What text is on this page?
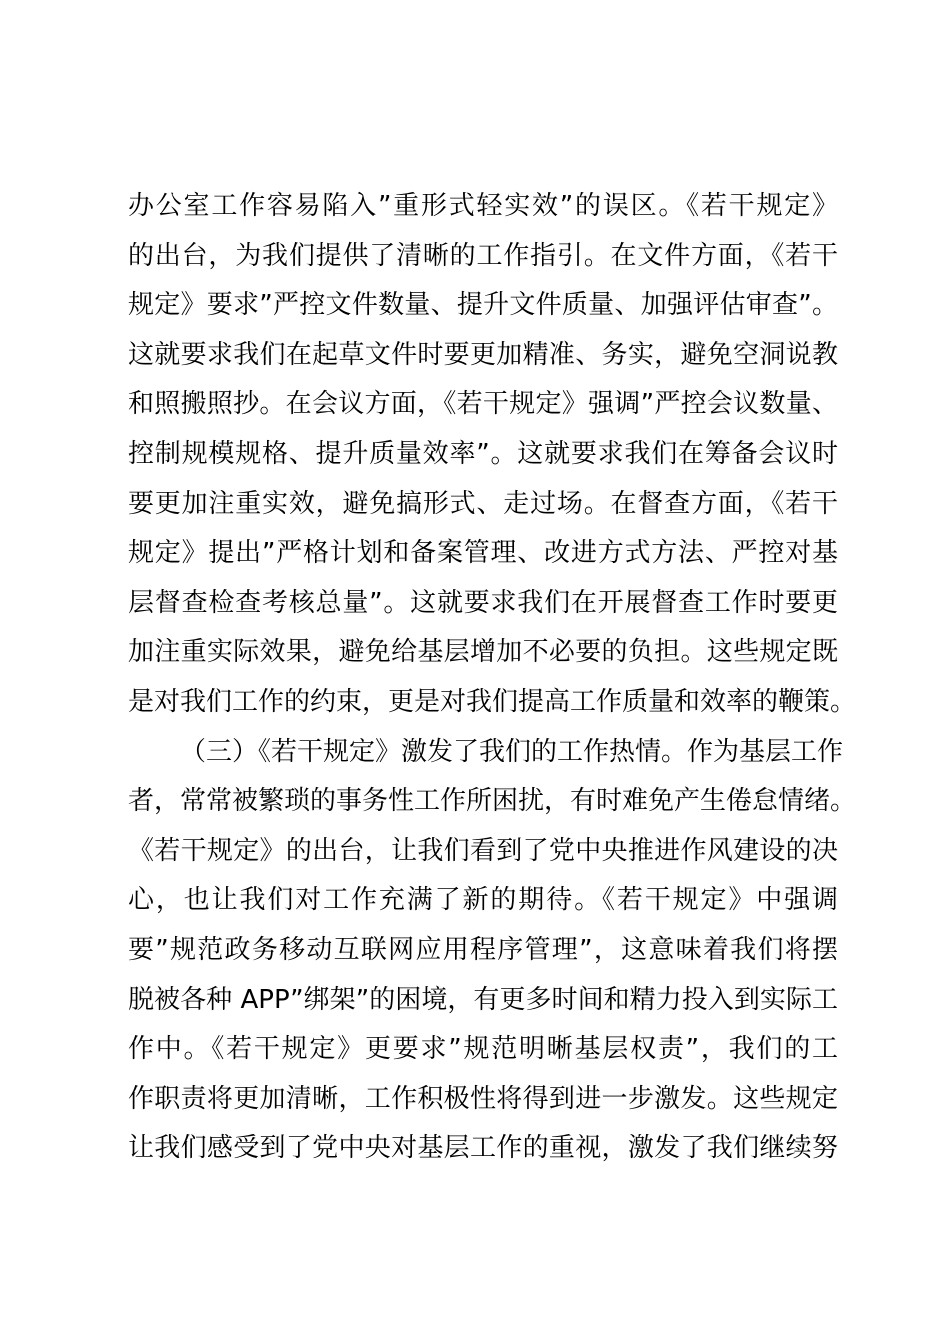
办公室工作容易陷入”重形式轻实效”的误区。《若干规定》
的出台，为我们提供了清晰的工作指引。在文件方面，《若干
规定》要求”严控文件数量、提升文件质量、加强评估审查”。
这就要求我们在起草文件时要更加精准、务实，避免空洞说教
和照搬照抄。在会议方面，《若干规定》强调”严控会议数量、
控制规模规格、提升质量效率”。这就要求我们在筹备会议时
要更加注重实效，避免搞形式、走过场。在督查方面，《若干
规定》提出”严格计划和备案管理、改进方式方法、严控对基
层督查检查考核总量”。这就要求我们在开展督查工作时要更
加注重实际效果，避免给基层增加不必要的负担。这些规定既
是对我们工作的约束，更是对我们提高工作质量和效率的鞭策。
（三）《若干规定》激发了我们的工作热情。作为基层工作
者，常常被繁琐的事务性工作所困扰，有时难免产生倦怠情绪。
《若干规定》的出台，让我们看到了党中央推进作风建设的决
心，也让我们对工作充满了新的期待。《若干规定》中强调
要”规范政务移动互联网应用程序管理”，这意味着我们将摆
脱被各种 APP”绑架”的困境，有更多时间和精力投入到实际工
作中。《若干规定》更要求”规范明晰基层权责”，我们的工
作职责将更加清晰，工作积极性将得到进一步激发。这些规定
让我们感受到了党中央对基层工作的重视，激发了我们继续努
